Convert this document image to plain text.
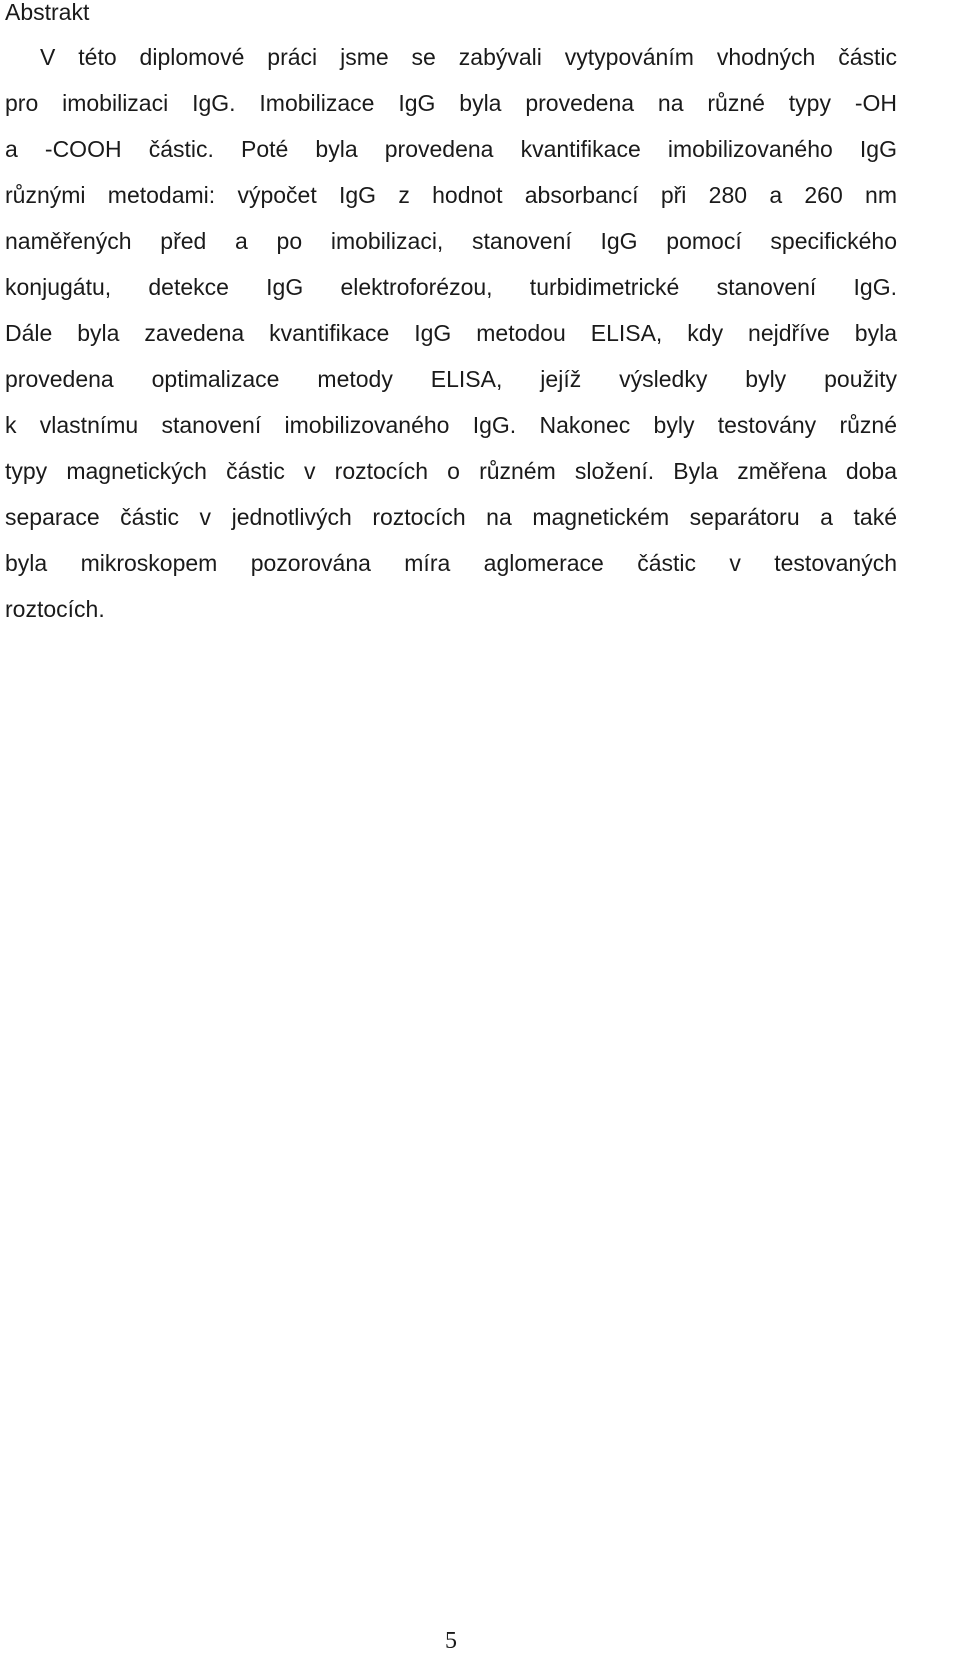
Abstrakt
V této diplomové práci jsme se zabývali vytypováním vhodných částic
pro imobilizaci IgG. Imobilizace IgG byla provedena na různé typy -OH
a -COOH částic. Poté byla provedena kvantifikace imobilizovaného IgG
různými metodami: výpočet IgG z hodnot absorbancí při 280 a 260 nm
naměřených před a po imobilizaci, stanovení IgG pomocí specifického
konjugátu, detekce IgG elektroforézou, turbidimetrické stanovení IgG.
Dále byla zavedena kvantifikace IgG metodou ELISA, kdy nejdříve byla
provedena optimalizace metody ELISA, jejíž výsledky byly použity
k vlastnímu stanovení imobilizovaného IgG. Nakonec byly testovány různé
typy magnetických částic v roztocích o různém složení. Byla změřena doba
separace částic v jednotlivých roztocích na magnetickém separátoru a také
byla mikroskopem pozorována míra aglomerace částic v testovaných
roztocích.
5
